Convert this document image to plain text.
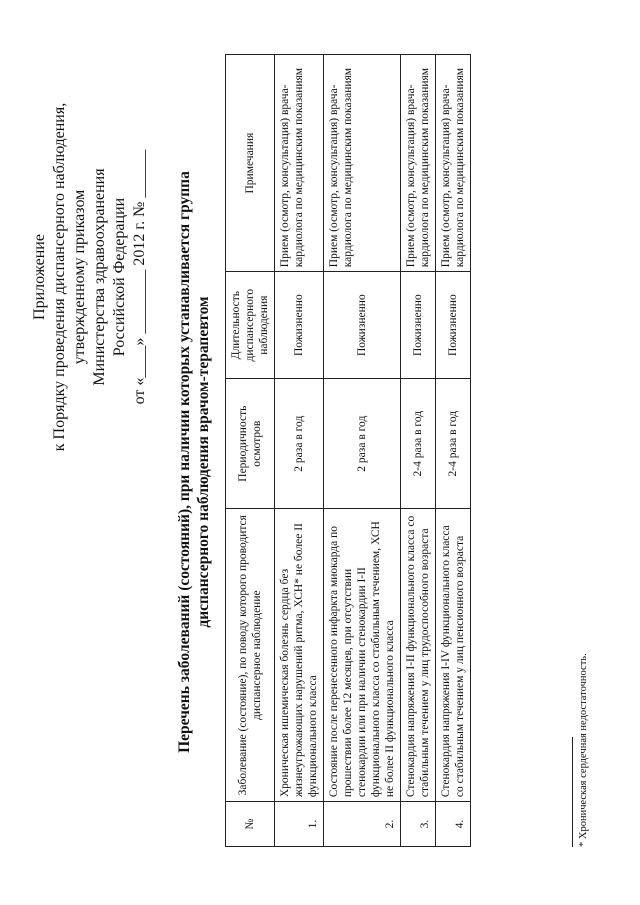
Приложение к Порядку проведения диспансерного наблюдения, утвержденному приказом Министерства здравоохранения Российской Федерации от «____» ________ 2012 г. № ______ Перечень заболеваний (состояний), при наличии которых устанавливается группа диспансерного наблюдения врачом-терапевтом
№	Заболевание (состояние), по поводу которого проводится диспансерное наблюдение	Периодичность осмотров	Длительность диспансерного наблюдения	Примечания
1.	Хроническая ишемическая болезнь сердца без жизнеугрожающих нарушений ритма, ХСН* не более II функционального класса	2 раза в год	Пожизненно	Прием (осмотр, консультация) врача-кардиолога по медицинским показаниям
2.	Состояние после перенесенного инфаркта миокарда по прошествии более 12 месяцев, при отсутствии стенокардии или при наличии стенокардии I-II функционального класса со стабильным течением, ХСН не более II функционального класса	2 раза в год	Пожизненно	Прием (осмотр, консультация) врача-кардиолога по медицинским показаниям
3.	Стенокардия напряжения I-II функционального класса со стабильным течением у лиц трудоспособного возраста	2-4 раза в год	Пожизненно	Прием (осмотр, консультация) врача-кардиолога по медицинским показаниям
4.	Стенокардия напряжения I-IV функционального класса со стабильным течением у лиц пенсионного возраста	2-4 раза в год	Пожизненно	Прием (осмотр, консультация) врача-кардиолога по медицинским показаниям
* Хроническая сердечная недостаточность.
